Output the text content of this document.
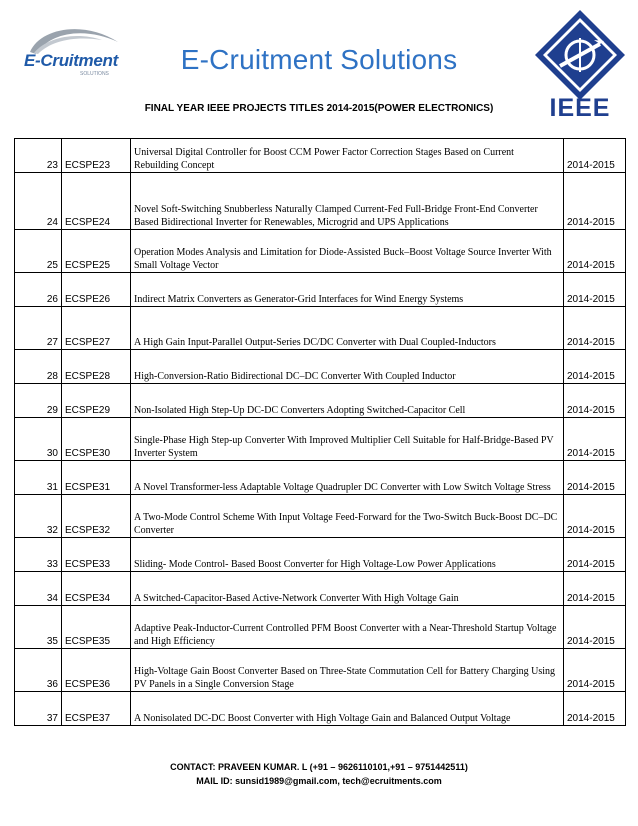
E-Cruitment
SOLUTIONS	E-Cruitment Solutions
FINAL YEAR IEEE PROJECTS TITLES 2014-2015(POWER ELECTRONICS)	IEEE
23	ECSPE23	Universal Digital Controller for Boost CCM Power Factor Correction Stages Based on Current Rebuilding Concept	2014-2015
24	ECSPE24	Novel Soft-Switching Snubberless Naturally Clamped Current-Fed Full-Bridge Front-End Converter Based Bidirectional Inverter for Renewables, Microgrid and UPS Applications	2014-2015
25	ECSPE25	Operation Modes Analysis and Limitation for Diode-Assisted Buck–Boost Voltage Source Inverter With Small Voltage Vector	2014-2015
26	ECSPE26	Indirect Matrix Converters as Generator-Grid Interfaces for Wind Energy Systems	2014-2015
27	ECSPE27	A High Gain Input-Parallel Output-Series DC/DC Converter with Dual Coupled-Inductors	2014-2015
28	ECSPE28	High-Conversion-Ratio Bidirectional DC–DC Converter With Coupled Inductor	2014-2015
29	ECSPE29	Non-Isolated High Step-Up DC-DC Converters Adopting Switched-Capacitor Cell	2014-2015
30	ECSPE30	Single-Phase High Step-up Converter With Improved Multiplier Cell Suitable for Half-Bridge-Based PV Inverter System	2014-2015
31	ECSPE31	A Novel Transformer-less Adaptable Voltage Quadrupler DC Converter with Low Switch Voltage Stress	2014-2015
32	ECSPE32	A Two-Mode Control Scheme With Input Voltage Feed-Forward for the Two-Switch Buck-Boost DC–DC Converter	2014-2015
33	ECSPE33	Sliding- Mode Control- Based Boost Converter for High Voltage-Low Power Applications	2014-2015
34	ECSPE34	A Switched-Capacitor-Based Active-Network Converter With High Voltage Gain	2014-2015
35	ECSPE35	Adaptive Peak-Inductor-Current Controlled PFM Boost Converter with a Near-Threshold Startup Voltage and High Efficiency	2014-2015
36	ECSPE36	High-Voltage Gain Boost Converter Based on Three-State Commutation Cell for Battery Charging Using PV Panels in a Single Conversion Stage	2014-2015
37	ECSPE37	A Nonisolated DC-DC Boost Converter with High Voltage Gain and Balanced Output Voltage	2014-2015
CONTACT: PRAVEEN KUMAR. L (+91 – 9626110101,+91 – 9751442511)
MAIL ID: sunsid1989@gmail.com, tech@ecruitments.com
